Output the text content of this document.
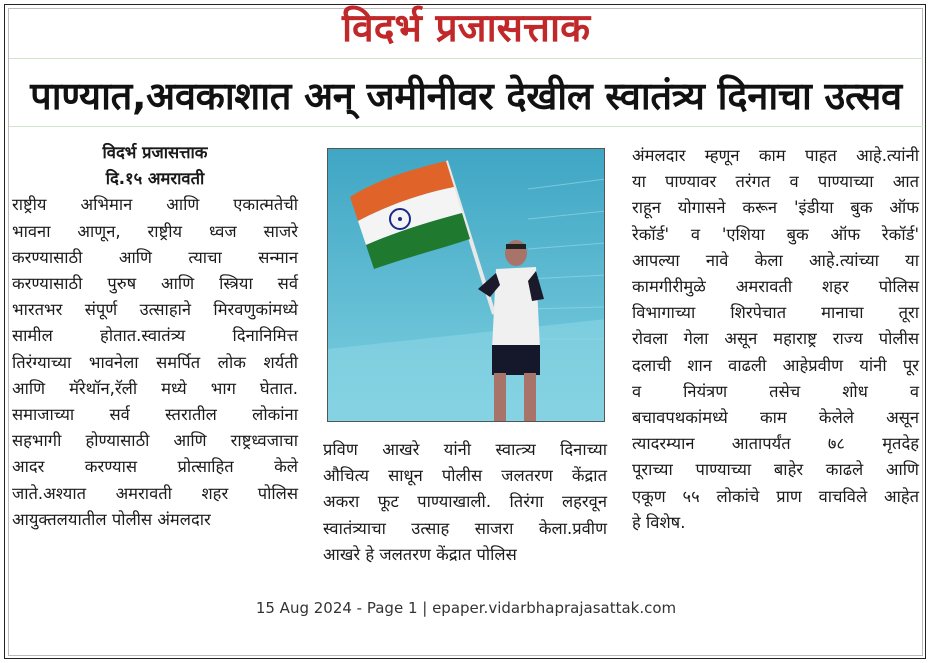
विदर्भ प्रजासत्ताक
पाण्यात,अवकाशात अन् जमीनीवर देखील स्वातंत्र्य दिनाचा उत्सव

विदर्भ प्रजासत्ताक

दि.१५ अमरावती

राष्ट्रीय अभिमान आणि एकात्मतेची

भावना आणून, राष्ट्रीय ध्वज साजरे

करण्यासाठी आणि त्याचा सन्मान

करण्यासाठी पुरुष आणि स्त्रिया सर्व

भारतभर संपूर्ण उत्साहाने मिरवणुकांमध्ये

सामील होतात.स्वातंत्र्य दिनानिमित्त

तिरंग्याच्या भावनेला समर्पित लोक शर्यती

आणि मॅरेथॉन,रॅली मध्ये भाग घेतात.

समाजाच्या सर्व स्तरातील लोकांना

सहभागी होण्यासाठी आणि राष्ट्रध्वजाचा

आदर करण्यास प्रोत्साहित केले

जाते.अश्यात अमरावती शहर पोलिस

आयुक्तलयातील पोलीस अंमलदार

प्रविण आखरे यांनी स्वात्त्र्य दिनाच्या

औचित्य साधून पोलीस जलतरण केंद्रात

अकरा फूट पाण्याखाली. तिरंगा लहरवून

स्वातंत्र्याचा उत्साह साजरा केला.प्रवीण

आखरे हे जलतरण केंद्रात पोलिस

अंमलदार म्हणून काम पाहत आहे.त्यांनी

या पाण्यावर तरंगत व पाण्याच्या आत

राहून योगासने करून 'इंडीया बुक ऑफ

रेकॉर्ड' व 'एशिया बुक ऑफ रेकॉर्ड'

आपल्या नावे केला आहे.त्यांच्या या

कामगीरीमुळे अमरावती शहर पोलिस

विभागाच्या शिरपेचात मानाचा तूरा

रोवला गेला असून महाराष्ट्र राज्य पोलीस

दलाची शान वाढली आहेप्रवीण यांनी पूर

व नियंत्रण तसेच शोध व

बचावपथकांमध्ये काम केलेले असून

त्यादरम्यान आतापर्यंत ७८ मृतदेह

पूराच्या पाण्याच्या बाहेर काढले आणि

एकूण ५५ लोकांचे प्राण वाचविले आहेत

हे विशेष.

15 Aug 2024 - Page 1 | epaper.vidarbhaprajasattak.com
